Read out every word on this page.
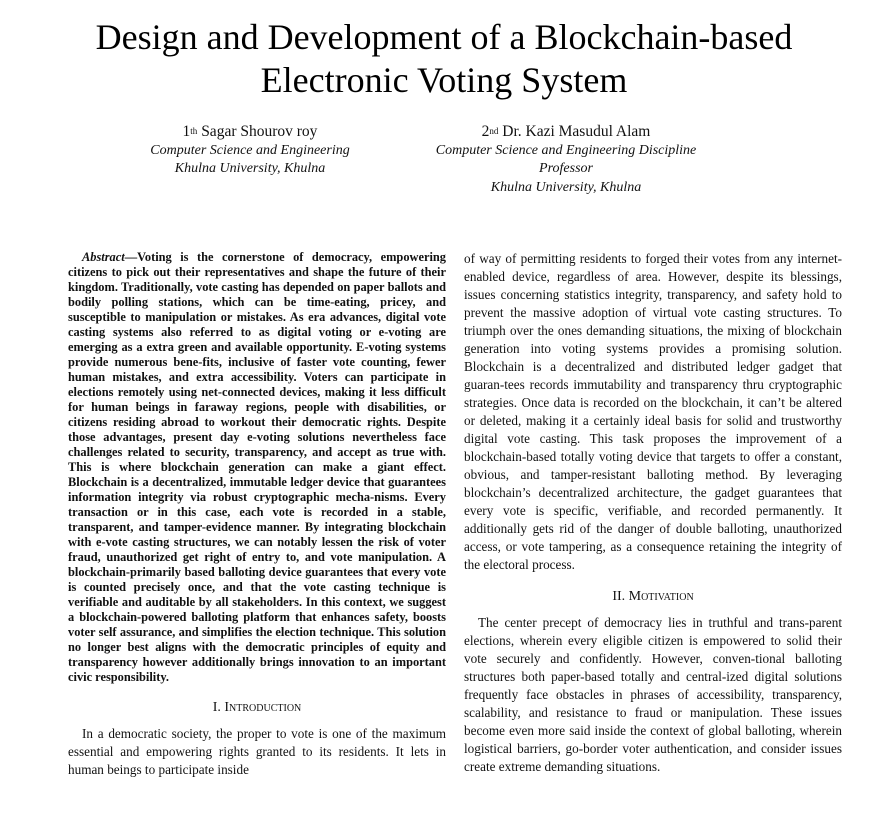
Design and Development of a Blockchain-based
Electronic Voting System
1th Sagar Shourov roy
Computer Science and Engineering
Khulna University, Khulna
2nd Dr. Kazi Masudul Alam
Computer Science and Engineering Discipline
Professor
Khulna University, Khulna

Abstract—Voting is the cornerstone of democracy, empowering citizens to pick out their representatives and shape the future of their kingdom. Traditionally, vote casting has depended on paper ballots and bodily polling stations, which can be time-eating, pricey, and susceptible to manipulation or mistakes. As era advances, digital vote casting systems also referred to as digital voting or e-voting are emerging as a extra green and available opportunity. E-voting systems provide numerous bene-fits, inclusive of faster vote counting, fewer human mistakes, and extra accessibility. Voters can participate in elections remotely using net-connected devices, making it less difficult for human beings in faraway regions, people with disabilities, or citizens residing abroad to workout their democratic rights. Despite those advantages, present day e-voting solutions nevertheless face challenges related to security, transparency, and accept as true with. This is where blockchain generation can make a giant effect. Blockchain is a decentralized, immutable ledger device that guarantees information integrity via robust cryptographic mecha-nisms. Every transaction or in this case, each vote is recorded in a stable, transparent, and tamper-evidence manner. By integrating blockchain with e-vote casting structures, we can notably lessen the risk of voter fraud, unauthorized get right of entry to, and vote manipulation. A blockchain-primarily based balloting device guarantees that every vote is counted precisely once, and that the vote casting technique is verifiable and auditable by all stakeholders. In this context, we suggest a blockchain-powered balloting platform that enhances safety, boosts voter self assurance, and simplifies the election technique. This solution no longer best aligns with the democratic principles of equity and transparency however additionally brings innovation to an important civic responsibility.

I. Introduction

In a democratic society, the proper to vote is one of the maximum essential and empowering rights granted to its residents. It lets in human beings to participate inside

of way of permitting residents to forged their votes from any internet-enabled device, regardless of area. However, despite its blessings, issues concerning statistics integrity, transparency, and safety hold to prevent the massive adoption of virtual vote casting structures. To triumph over the ones demanding situations, the mixing of blockchain generation into voting systems provides a promising solution. Blockchain is a decentralized and distributed ledger gadget that guaran-tees records immutability and transparency thru cryptographic strategies. Once data is recorded on the blockchain, it can’t be altered or deleted, making it a certainly ideal basis for solid and trustworthy digital vote casting. This task proposes the improvement of a blockchain-based totally voting device that targets to offer a constant, obvious, and tamper-resistant balloting method. By leveraging blockchain’s decentralized architecture, the gadget guarantees that every vote is specific, verifiable, and recorded permanently. It additionally gets rid of the danger of double balloting, unauthorized access, or vote tampering, as a consequence retaining the integrity of the electoral process.

II. Motivation

The center precept of democracy lies in truthful and trans-parent elections, wherein every eligible citizen is empowered to solid their vote securely and confidently. However, conven-tional balloting structures both paper-based totally and central-ized digital solutions frequently face obstacles in phrases of accessibility, transparency, scalability, and resistance to fraud or manipulation. These issues become even more said inside the context of global balloting, wherein logistical barriers, go-border voter authentication, and consider issues create extreme demanding situations.
